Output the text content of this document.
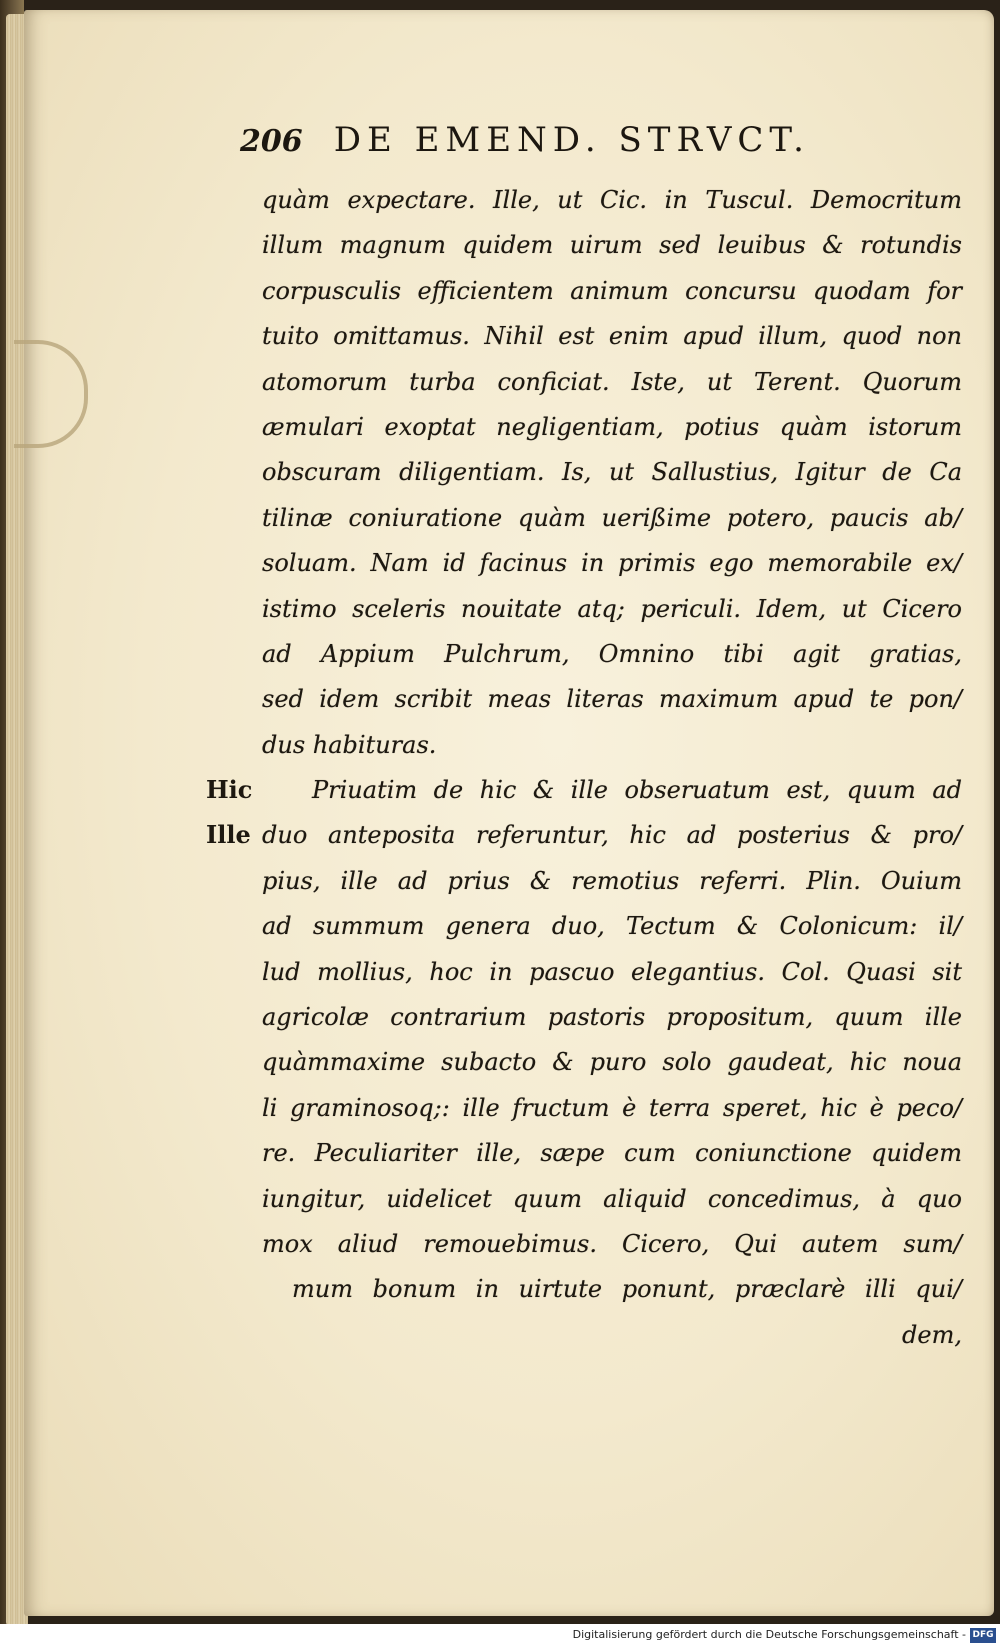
206 DE EMEND. STRVCT.
quàm expectare. Ille, ut Cic. in Tuscul. Democritum
illum magnum quidem uirum sed leuibus & rotundis
corpusculis efficientem animum concursu quodam for
tuito omittamus. Nihil est enim apud illum, quod non
atomorum turba conficiat. Iste, ut Terent. Quorum
æmulari exoptat negligentiam, potius quàm istorum
obscuram diligentiam. Is, ut Sallustius, Igitur de Ca
tilinæ coniuratione quàm uerißime potero, paucis ab/
soluam. Nam id facinus in primis ego memorabile ex/
istimo sceleris nouitate atq; periculi. Idem, ut Cicero
ad Appium Pulchrum, Omnino tibi agit gratias,
sed idem scribit meas literas maximum apud te pon/
dus habituras.
Priuatim de hic & ille obseruatum est, quum ad
duo anteposita referuntur, hic ad posterius & pro/
pius, ille ad prius & remotius referri. Plin. Ouium
ad summum genera duo, Tectum & Colonicum: il/
lud mollius, hoc in pascuo elegantius. Col. Quasi sit
agricolæ contrarium pastoris propositum, quum ille
quàmmaxime subacto & puro solo gaudeat, hic noua
li graminosoq;: ille fructum è terra speret, hic è peco/
re. Peculiariter ille, sæpe cum coniunctione quidem
iungitur, uidelicet quum aliquid concedimus, à quo
mox aliud remouebimus. Cicero, Qui autem sum/
mum bonum in uirtute ponunt, præclarè illi qui/
dem,
Hic
Ille
Digitalisierung gefördert durch die Deutsche Forschungsgemeinschaft - DFG
